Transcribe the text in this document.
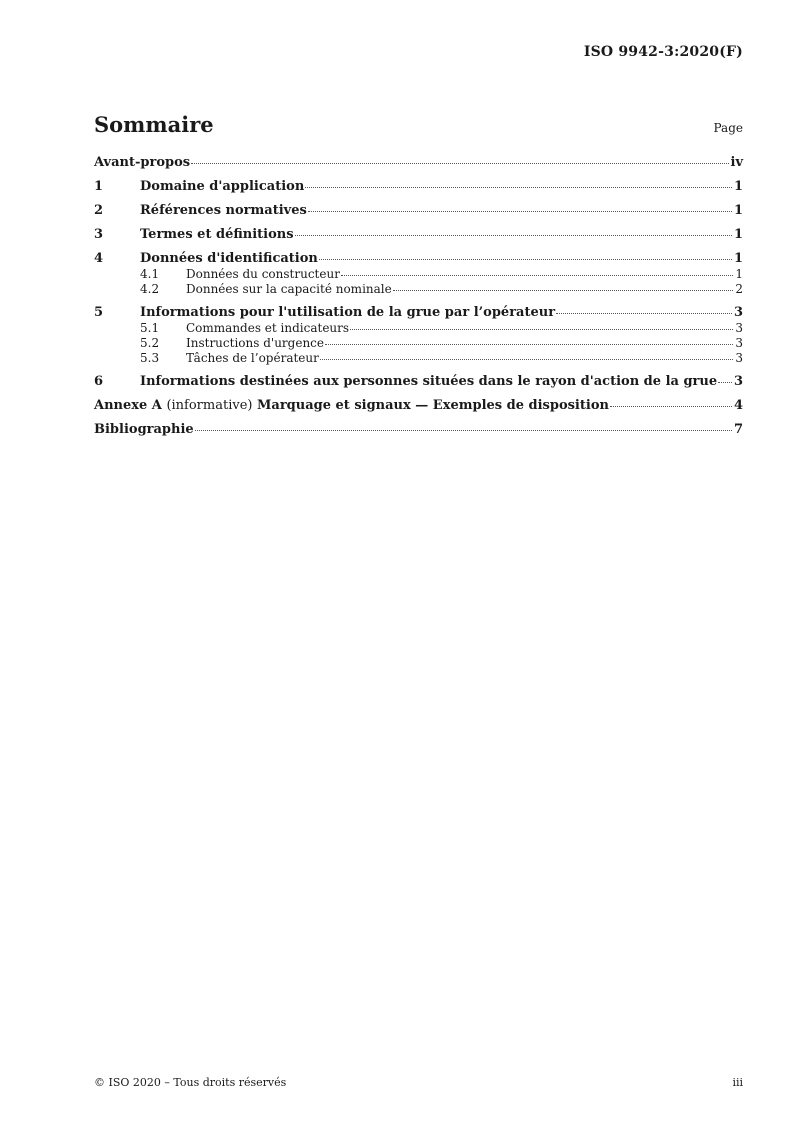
ISO 9942-3:2020(F)
Sommaire	Page
Avant-propos	iv
1	Domaine d'application	1
2	Références normatives	1
3	Termes et définitions	1
4	Données d'identification	1
4.1	Données du constructeur	1
4.2	Données sur la capacité nominale	2
5	Informations pour l'utilisation de la grue par l’opérateur	3
5.1	Commandes et indicateurs	3
5.2	Instructions d'urgence	3
5.3	Tâches de l’opérateur	3
6	Informations destinées aux personnes situées dans le rayon d'action de la grue 3
Annexe A (informative) Marquage et signaux — Exemples de disposition	4
Bibliographie	7
© ISO 2020 – Tous droits réservés	iii
